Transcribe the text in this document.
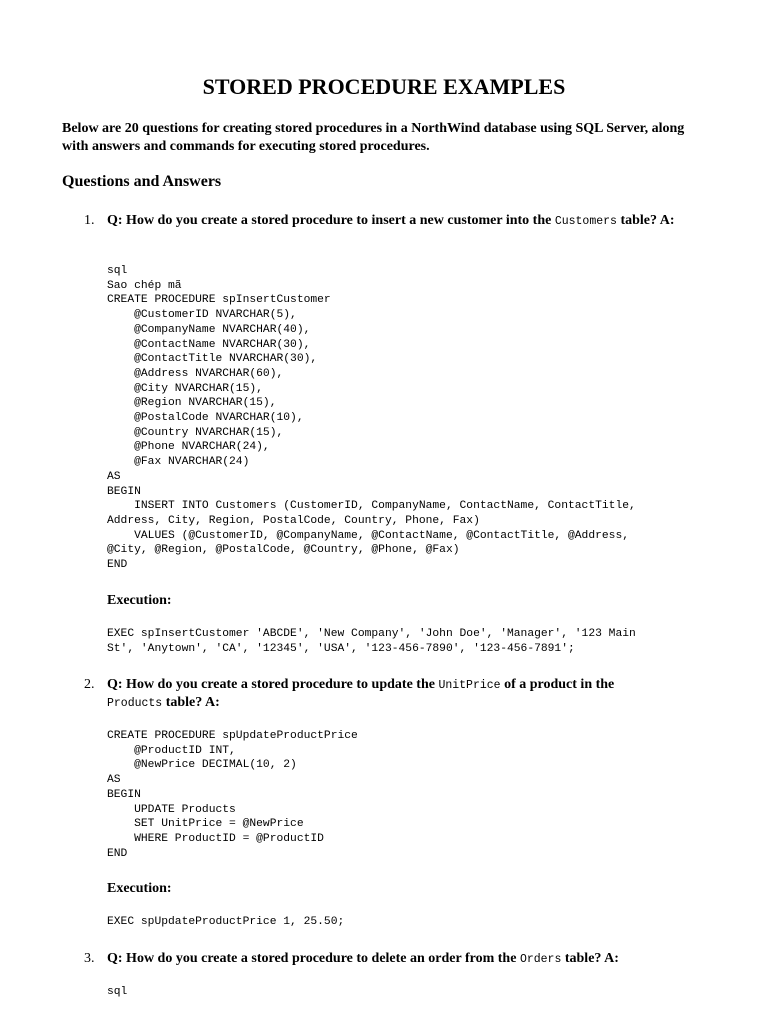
STORED PROCEDURE EXAMPLES

Below are 20 questions for creating stored procedures in a NorthWind database using SQL Server, along with answers and commands for executing stored procedures.

Questions and Answers
1. Q: How do you create a stored procedure to insert a new customer into the Customers table? A:

sql
Sao chép mã
CREATE PROCEDURE spInsertCustomer
@CustomerID NVARCHAR(5),
@CompanyName NVARCHAR(40),
@ContactName NVARCHAR(30),
@ContactTitle NVARCHAR(30),
@Address NVARCHAR(60),
@City NVARCHAR(15),
@Region NVARCHAR(15),
@PostalCode NVARCHAR(10),
@Country NVARCHAR(15),
@Phone NVARCHAR(24),
@Fax NVARCHAR(24)
AS
BEGIN
INSERT INTO Customers (CustomerID, CompanyName, ContactName, ContactTitle,
Address, City, Region, PostalCode, Country, Phone, Fax)
VALUES (@CustomerID, @CompanyName, @ContactName, @ContactTitle, @Address,
@City, @Region, @PostalCode, @Country, @Phone, @Fax)
END

Execution:

EXEC spInsertCustomer 'ABCDE', 'New Company', 'John Doe', 'Manager', '123 Main
St', 'Anytown', 'CA', '12345', 'USA', '123-456-7890', '123-456-7891';
2. Q: How do you create a stored procedure to update the UnitPrice of a product in the
Products table? A:

CREATE PROCEDURE spUpdateProductPrice
@ProductID INT,
@NewPrice DECIMAL(10, 2)
AS
BEGIN
UPDATE Products
SET UnitPrice = @NewPrice
WHERE ProductID = @ProductID
END

Execution:

EXEC spUpdateProductPrice 1, 25.50;
3. Q: How do you create a stored procedure to delete an order from the Orders table? A:

sql
